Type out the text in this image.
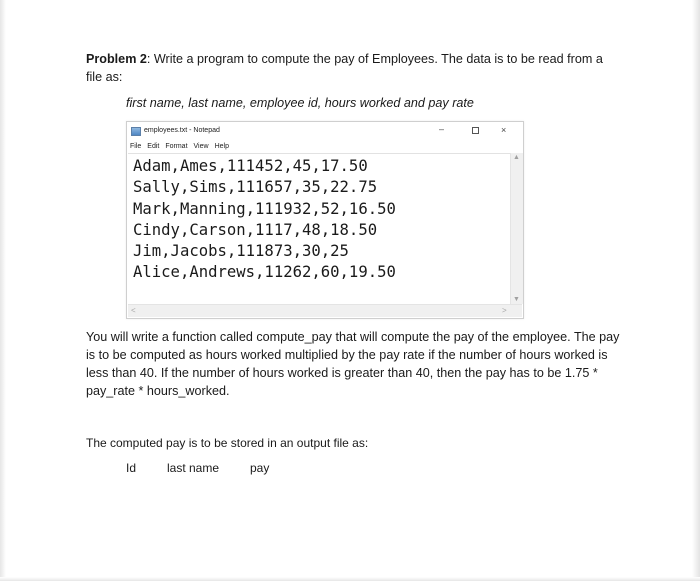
Problem 2: Write a program to compute the pay of Employees. The data is to be read from a file as:

first name, last name, employee id, hours worked and pay rate

employees.txt - Notepad	–	×
File Edit Format View Help
Adam,Ames,111452,45,17.50
Sally,Sims,111657,35,22.75
Mark,Manning,111932,52,16.50
Cindy,Carson,1117,48,18.50
Jim,Jacobs,111873,30,25
Alice,Andrews,11262,60,19.50
▲
▼
<	>

You will write a function called compute_pay that will compute the pay of the employee. The pay is to be computed as hours worked multiplied by the pay rate if the number of hours worked is less than 40. If the number of hours worked is greater than 40, then the pay has to be 1.75 * pay_rate * hours_worked.

The computed pay is to be stored in an output file as:

Id	last name	pay
